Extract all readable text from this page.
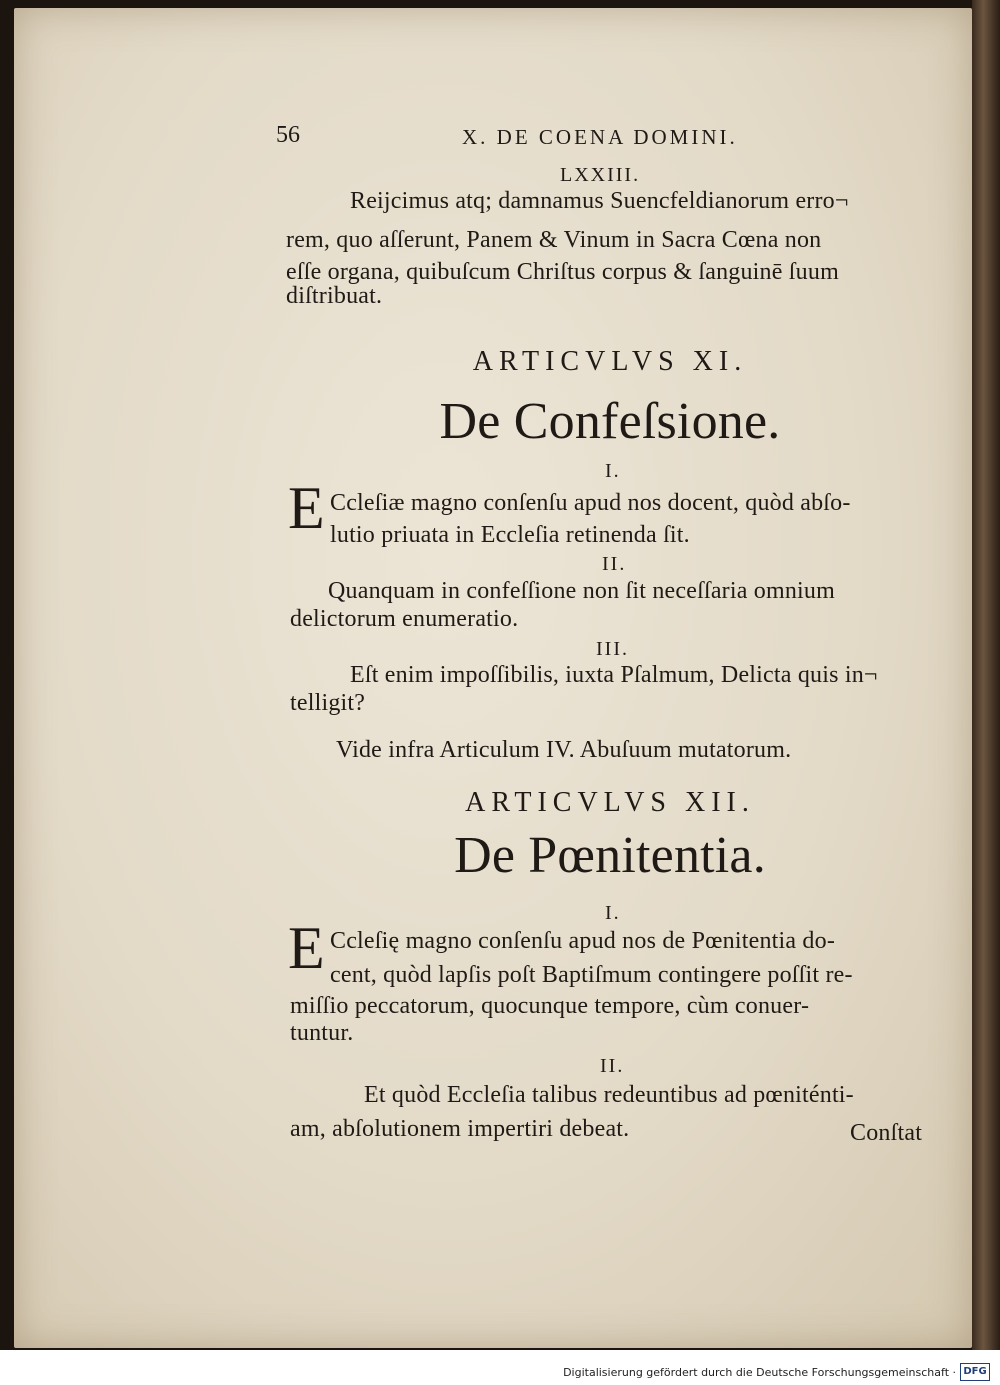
56	X. DE COENA DOMINI.
LXXIII.
Reijcimus atq; damnamus Suencfeldianorum erro¬
rem, quo aſſerunt, Panem & Vinum in Sacra Cœna non
eſſe organa, quibuſcum Chriſtus corpus & ſanguinē ſuum
diſtribuat.
ARTICVLVS XI.
De Confeſsione.
I.
E Ccleſiæ magno conſenſu apud nos docent, quòd abſo-
lutio priuata in Eccleſia retinenda ſit.
II.
Quanquam in confeſſione non ſit neceſſaria omnium
delictorum enumeratio.
III.
Eſt enim impoſſibilis, iuxta Pſalmum, Delicta quis in¬
telligit?
Vide infra Articulum IV. Abuſuum mutatorum.
ARTICVLVS XII.
De Pœnitentia.
I.
E Ccleſię magno conſenſu apud nos de Pœnitentia do-
cent, quòd lapſis poſt Baptiſmum contingere poſſit re-
miſſio peccatorum, quocunque tempore, cùm conuer-
tuntur.
II.
Et quòd Eccleſia talibus redeuntibus ad pœniténti-
am, abſolutionem impertiri debeat.	Conſtat
Digitalisierung gefördert durch die Deutsche Forschungsgemeinschaft · DFG
